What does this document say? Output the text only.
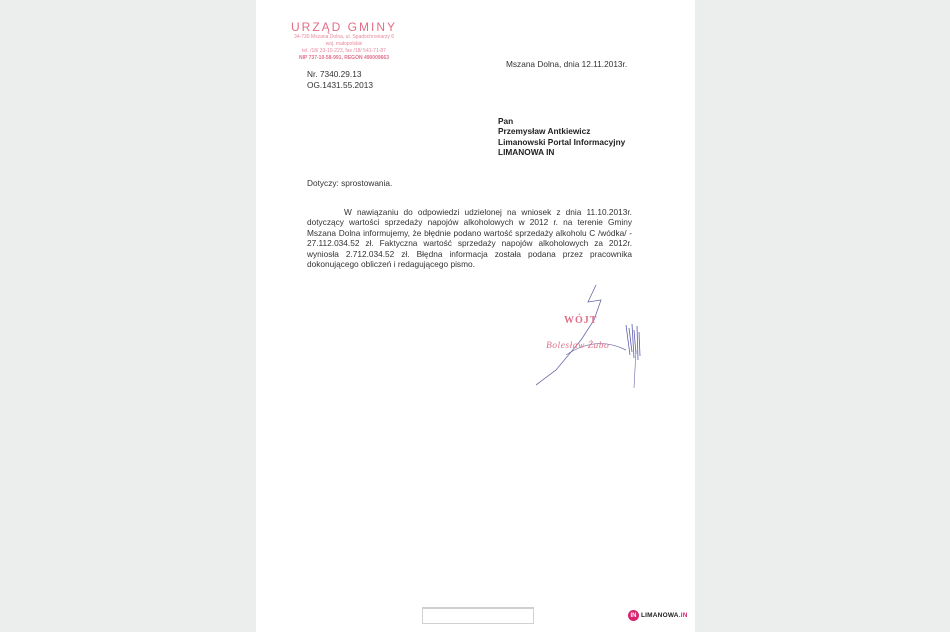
URZĄD GMINY
34-730 Mszana Dolna, ul. Spadochroniarzy 6
woj. małopolskie
tel. /18/ 33-10-223, fax /18/ 541-71-87
NIP 737-10-58-991, REGON 490009663
Nr. 7340.29.13
OG.1431.55.2013
Mszana Dolna, dnia 12.11.2013r.
Pan
Przemysław Antkiewicz
Limanowski Portal Informacyjny
LIMANOWA IN
Dotyczy: sprostowania.
W nawiązaniu do odpowiedzi udzielonej na wniosek z dnia 11.10.2013r. dotyczący wartości sprzedaży napojów alkoholowych w 2012 r. na terenie Gminy Mszana Dolna informujemy, że błędnie podano wartość sprzedaży alkoholu C /wódka/ - 27.112.034.52 zł. Faktyczna wartość sprzedaży napojów alkoholowych za 2012r. wyniosła 2.712.034.52 zł. Błędna informacja została podana przez pracownika dokonującego obliczeń i redagującego pismo.
WÓJT
Bolesław Żabo
IN LIMANOWA.IN
